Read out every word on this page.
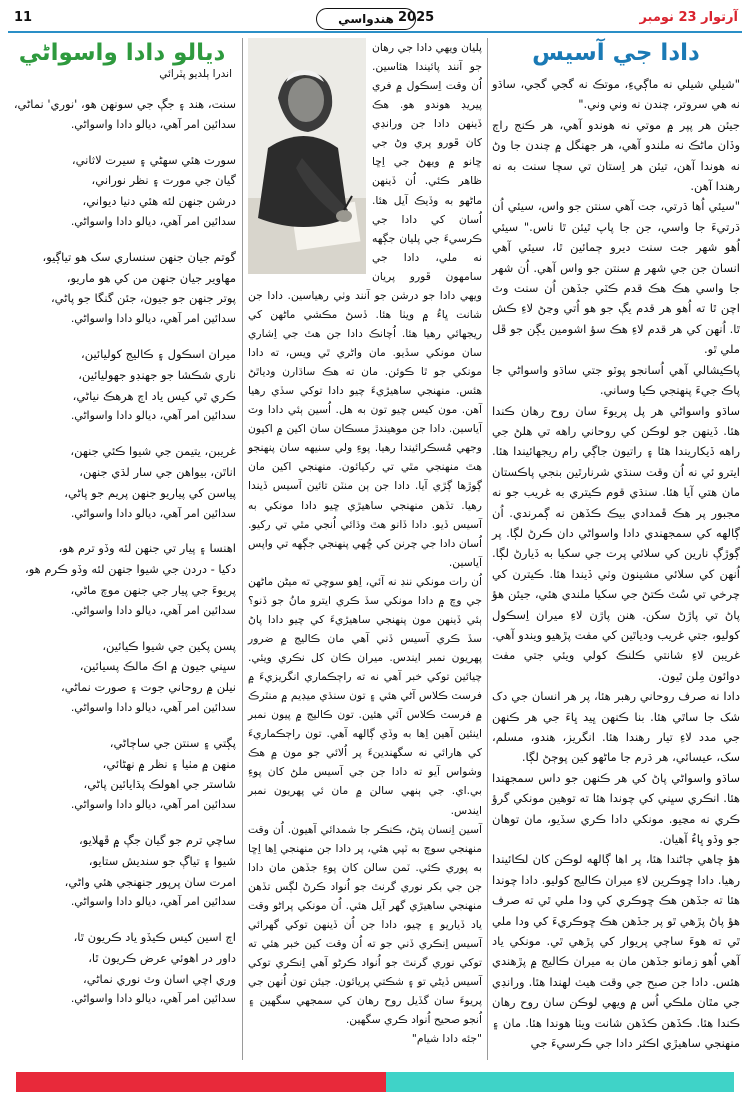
آرتوار 23 نومبر
2025
هندواسي
11
دادا جي آسيس

"شيلي شيلي نه ماڳيءِ، موتڪ نه گجي گجي، ساڌو نه هي سروتر، چندن نه وني وني."

جيئن هر پپر ۾ موتي نه هوندو آهي، هر ڪنج راڄ وڏان ماڻڪ نه ملندو آهي، هر جهنگل ۾ چندن جا وڻ نه هوندا آهن، تيئن هر اِستان تي سچا سنت به نه رهندا آهن.

"سيئي اُها ڌرتي، جت آهي سنتن جو واس، سيئي اُن ڌرتيءَ جا واسي، جن جا پاپ ٿيئن ٿا ناس." سيئي اُهو شهر جت سنت ديرو ڄمائين ٿا، سيئي آهي انسان جن جي شهر ۾ سنتن جو واس آهي. اُن شهر جا واسي هڪ هڪ قدم ڪٽي جڏهن اُن سنت وٽ اچن ٿا ته اُهو هر قدم يڳ جو هو اُتي وڃڻ لاءِ ڪش ٿا. اُنهن کي هر قدم لاءِ هڪ سؤ اشومين يڳن جو ڦل ملي ٿو.

پاڪيشالي آهي اُسانجو پوٽو جتي ساڌو واسواڻي جا پاڪ جيءَ پنهنجي ڪيا وساني.

ساڌو واسواڻي هر پل پريوءَ سان روح رهان ڪندا هئا. ڏينهن جو لوڪن کي روحاني راهه تي هلڻ جي راهه ڏيکاريندا هئا ۽ راتيون جاڳي رام ريجهائيندا هئا. ايترو ئي نه اُن وقت سنڌي شرنارٿين بنجي پاڪستان مان هتي آيا هئا. سنڌي قوم ڪيتري به غريب جو نه مجبور پر هڪ ڦمدادي بيڪ ڪڏهن نه ڳمرندي. اُن ڳالهه کي سمجهندي دادا واسواڻي دان ڪرڻ لڳا. پر ڳوڙڳ نارين کي سلائي پرت جي سکيا به ڏيارڻ لڳا. اُنهن کي سلائي مشينون وٺي ڏيندا هئا. ڪيترن کي چرخي تي سُٽ ڪتڻ جي سکيا ملندي هئي، جيئن هؤ پاڻ تي پاڙڻ سکن. هنن پاڙن لاءِ ميران اِسڪول کوليو، جتي غريب ودياٿين کي مفت پڙهيو ويندو آهي. غريبن لاءِ شانتي ڪلنڪ کولي ويئي جتي مفت دوائون مِلن ٿيون.

دادا نه صرف روحاني رهبر هئا، پر هر انسان جي دک شک جا ساٿي هئا. بنا ڪنهن ڀيد ڀاءَ جي هر ڪنهن جي مدد لاءِ تيار رهندا هئا. انگريز، هندو، مسلم، سک، عيسائي، هر ڌرم جا ماڻهو کين پوڄڻ لڳا.

ساڌو واسواڻي پاڻ کي هر ڪنهن جو داس سمجهندا هئا. انڪري سڀني کي چوندا هئا ته توهين مونکي گرؤ ڪري نه مڃيو. مونکي دادا ڪري سڏيو، مان توهان جو وڏو ڀاءُ آهيان.

هؤ چاهي ڄاڻندا هئا، پر اها ڳالهه لوڪن کان لڪائيندا رهيا. دادا ڇوڪرين لاءِ ميران ڪاليج کوليو. دادا چوندا هئا ته جڏهن هڪ ڇوڪري کي ودا ملي ٿي ته صرف هؤ پاڻ پڙهي ٿو پر جڏهن هڪ ڇوڪريءَ کي ودا ملي ٿي ته هوءَ ساڄي پريوار کي پڙهي ٿي. مونکي ياد آهي اُهو زمانو جڏهن مان به ميران ڪاليج ۾ پڙهندي هئس. دادا جن صبح جي وقت هيٺ لهندا هئا. ورانڊي جي مٿان ملڪي اُس ۾ ويهي لوڪن سان روح رهان ڪندا هئا. ڪڏهن ڪڏهن شانت ويٺا هوندا هئا. مان ۽ منهنجي ساهيڙي اڪثر دادا جي ڪرسيءَ جي

پليان ويهي دادا جي رهان جو آنند پائيندا هئاسين. اُن وقت اِسڪول ۾ فري پيريڊ هوندو هو. هڪ ڏينهن دادا جن ورانڊي کان ڦورو پري وڻ جي ڇانو ۾ ويهڻ جي اِڇا ظاهر ڪئي. اُن ڏينهن ماڻهو به وڏيڪ آيل هئا. اُسان کي دادا جي ڪرسيءَ جي پليان جڳهه نه ملي، دادا جي سامهون ڦورو پريان ويهي دادا جو درشن جو آنند وٺي رهياسين. دادا جن شانت ڀاءُ ۾ ويٺا هئا. ڏسڻ مڪشي ماڻهن کي ريجهائي رهيا هئا. اُچانڪ دادا جن هٿ جي اِشاري سان مونکي سڏيو. مان واڻري ٿي ويس، ته دادا مونکي جو ٿا ڪوئن. مان ته هڪ ساڌارن ودياٿڻ هئس. منهنجي ساهيڙيءَ چيو دادا توکي سڏي رهيا آهن. مون کيس چيو تون به هل. اُسين ٻئي دادا وٽ آياسين. دادا جن موهيندڙ مسڪان سان اکين ۾ اکيون وجهي مُسڪرائيندا رهيا. پوءِ ولي سنيهه سان پنهنجو هٿ منهنجي مٿي تي رکيائون. منهنجي اکين مان ڳوڙها ڳڙي آيا. دادا جن ٻن منٽن تائين آسيس ڏيندا رهيا. تڏهن منهنجي ساهيڙي ڇيو دادا مونکي به آسيس ڏيو. دادا ڏانو هٿ وڌائي اُنجي مٿي تي رکيو. اُسان دادا جي چرنن کي ڇُهي پنهنجي جڳهه تي واپس آياسين.

اُن رات مونکي ننڊ نه آئي، اِهو سوچي ته ميڻن ماڻهن جي وچ ۾ دادا مونکي سڏ ڪري ايترو مانُ جو ڏنو؟ ٻئي ڏينهن مون پنهنجي ساهيڙيءَ کي چيو دادا پاڻ سڏ ڪري آسيس ڏني آهي مان ڪاليج ۾ ضرور پهريون نمبر ايندس. ميران ڪان کل نڪري ويئي. چيائين توکي خبر آهي نه ته راڄڪماري انگريزيءَ ۾ فرسٽ ڪلاس آڻي هئي ۽ تون سنڌي ميڊيم ۾ منٽرڪ ۾ فرسٽ ڪلاس آئي هئين. تون ڪاليج ۾ پيون نمبر اينئين آهين اِها به وڏي ڳالهه آهي. تون راڄڪماريءَ کي هارائي نه سگهندينءَ پر اُلائي جو مون ۾ هڪ وشواس آيو ته دادا جن جي آسيس ملڻ کان پوءِ بي.اي. جي ٻنهي سالن ۾ مان ئي پهريون نمبر ايندس.

آسين اِنسان پتڻ، ڪنڪر جا شمدائي آهيون. اُن وقت منهنجي سوچ به ٽپي هئي، پر دادا جن منهنجي اِها اِڇا به پوري ڪئي. ٽمن سالن کان پوءِ جڏهن مان دادا جن جي بکر نوري گرنٿ جو اُنواد ڪرڻ لڳس تڏهن منهنجي ساهيڙي گهر آيل هئي. اُن مونکي پراڻو وقت ياد ڏياريو ۽ چيو، دادا جن اُن ڏينهن توکي گهرائي آسيس اِنڪري ڏني جو ته اُن وقت کين خبر هئي ته توکي نوري گرنٿ جو اُنواد ڪرڻو آهي اِنڪري توکي آسيس ڏيڻي تو ۽ شڪتي پريائون. جيئن تون اُنهن جي پريوءَ سان گڏيل روح رهان کي سمجهي سگهين ۽ اُنجو صحيح اُنواد ڪري سگهين.

"جئه دادا شيام"

ديالو دادا واسواڻي
اندرا ٻلديو پٽرائي
سنت، هند ۽ جڳ جي سونهن هو، 'نوري' نماڻي،
سدائين امر آهي، ديالو دادا واسواڻي.
سورت هئي سهڻي ۽ سيرت لاثاني،
گيان جي مورت ۽ نظر نوراني،
درشن جنهن لئه هئي دنيا ديواني،
سدائين امر آهي، ديالو دادا واسواڻي.
گوتم جيان جنهن سنساري سک هو تياڳيو،
مهاوير جيان جنهن من کي هو ماريو،
پوتر جنهن جو جيون، جئن گنگا جو پاڻي،
سدائين امر آهي، ديالو دادا واسواڻي.
ميران اسڪول ۽ ڪاليج کوليائين،
ناري شڪشا جو جهنڊو جهوليائين،
ڪري ٿي کيس ياد اڄ هرهڪ نياڻي،
سدائين امر آهي، ديالو دادا واسواڻي.
غريبن، يتيمن جي شيوا ڪئي جنهن،
اناٿن، بيواهن جي سار لڌي جنهن،
پياسن کي پياريو جنهن پريم جو پاڻي،
سدائين امر آهي، ديالو دادا واسواڻي.
اهنسا ۽ پيار تي جنهن لئه وڏو ترم هو،
دکيا - دردن جي شيوا جنهن لئه وڏو ڪرم هو،
پريوءَ جي پيار جي جنهن موچ ماڻي،
سدائين امر آهي، ديالو دادا واسواڻي.
پسن پکين جي شيوا ڪيائين،
سڀني جيون ۾ اڪ مالڪ پسيائين،
نيلن ۾ روحاني جوت ۽ صورت نماڻي،
سدائين امر آهي، ديالو دادا واسواڻي.
پڳتي ۽ سنتن جي ساڄاڻي،
منهن ۾ مٺيا ۽ نظر ۾ نهڻائي،
شاستر جي اهولڪ پڌايائين پاڻي،
سدائين امر آهي، ديالو دادا واسواڻي.
ساچي ترم جو گيان جڳ ۾ ڦهلايو،
شيوا ۽ تياڳ جو سنديش ستايو،
امرت سان پرپور جنهنجي هئي واڻي،
سدائين امر آهي، ديالو دادا واسواڻي.
اڄ اسين کيس ڪيڏو ياد ڪريون ٿا،
داور در اهوئي عرض ڪريون ٿا،
وري اچي اسان وٽ نوري نماڻي،
سدائين امر آهي، ديالو دادا واسواڻي.
